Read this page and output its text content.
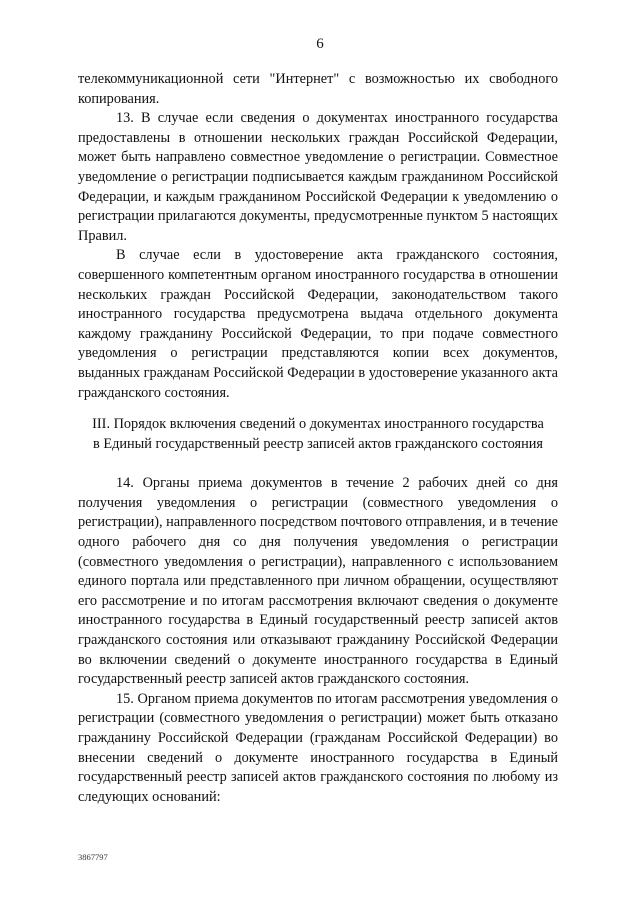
6

телекоммуникационной сети "Интернет" с возможностью их свободного копирования.

13. В случае если сведения о документах иностранного государства предоставлены в отношении нескольких граждан Российской Федерации, может быть направлено совместное уведомление о регистрации. Совместное уведомление о регистрации подписывается каждым гражданином Российской Федерации, и каждым гражданином Российской Федерации к уведомлению о регистрации прилагаются документы, предусмотренные пунктом 5 настоящих Правил.

В случае если в удостоверение акта гражданского состояния, совершенного компетентным органом иностранного государства в отношении нескольких граждан Российской Федерации, законодательством такого иностранного государства предусмотрена выдача отдельного документа каждому гражданину Российской Федерации, то при подаче совместного уведомления о регистрации представляются копии всех документов, выданных гражданам Российской Федерации в удостоверение указанного акта гражданского состояния.

III. Порядок включения сведений о документах иностранного государства
в Единый государственный реестр записей актов гражданского состояния

14. Органы приема документов в течение 2 рабочих дней со дня получения уведомления о регистрации (совместного уведомления о регистрации), направленного посредством почтового отправления, и в течение одного рабочего дня со дня получения уведомления о регистрации (совместного уведомления о регистрации), направленного с использованием единого портала или представленного при личном обращении, осуществляют его рассмотрение и по итогам рассмотрения включают сведения о документе иностранного государства в Единый государственный реестр записей актов гражданского состояния или отказывают гражданину Российской Федерации во включении сведений о документе иностранного государства в Единый государственный реестр записей актов гражданского состояния.

15. Органом приема документов по итогам рассмотрения уведомления о регистрации (совместного уведомления о регистрации) может быть отказано гражданину Российской Федерации (гражданам Российской Федерации) во внесении сведений о документе иностранного государства в Единый государственный реестр записей актов гражданского состояния по любому из следующих оснований:

3867797
